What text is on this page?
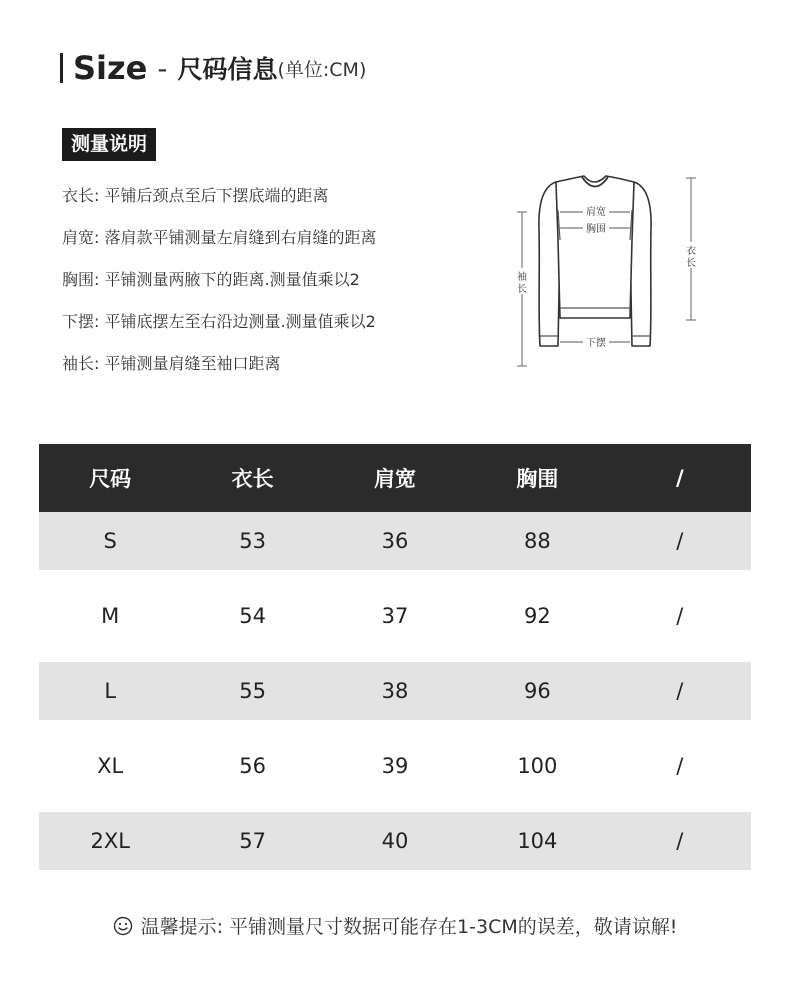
Size - 尺码信息 (单位:CM)
测量说明
衣长: 平铺后颈点至后下摆底端的距离
肩宽: 落肩款平铺测量左肩缝到右肩缝的距离
胸围: 平铺测量两腋下的距离.测量值乘以2
下摆: 平铺底摆左至右沿边测量.测量值乘以2
袖长: 平铺测量肩缝至袖口距离
肩宽
胸围
下摆
衣
长
袖
长
尺码	衣长	肩宽	胸围	/
S	53	36	88	/
M	54	37	92	/
L	55	38	96	/
XL	56	39	100	/
2XL	57	40	104	/
温馨提示: 平铺测量尺寸数据可能存在1-3CM的误差，敬请谅解!
